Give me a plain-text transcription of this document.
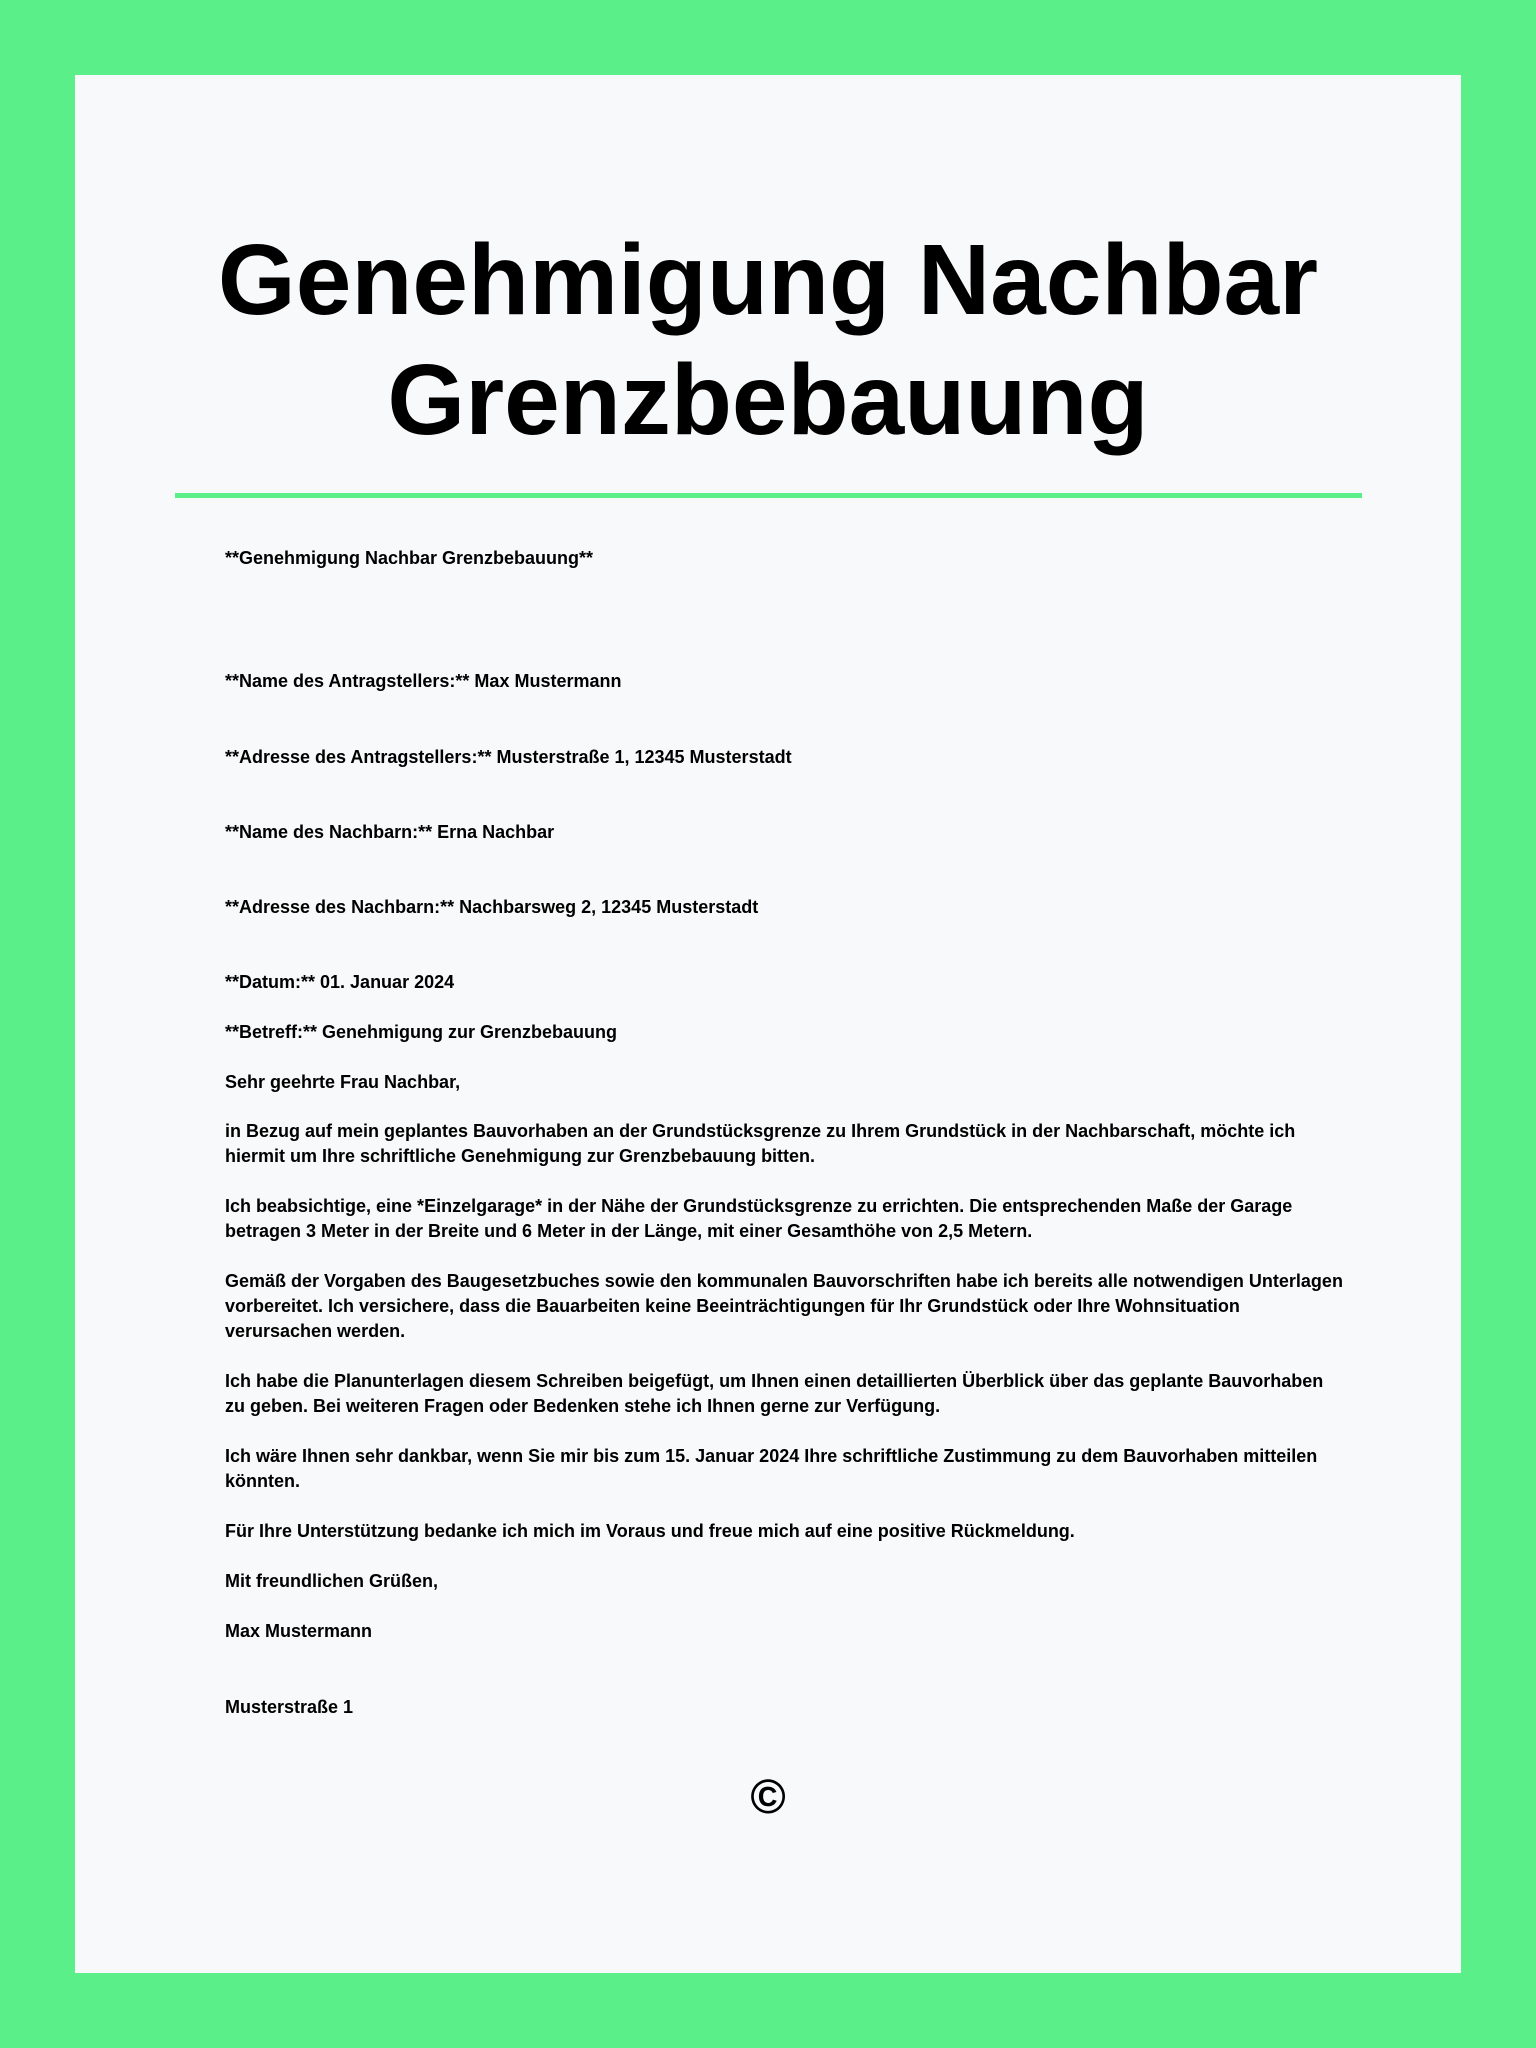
Genehmigung Nachbar
Grenzbebauung

**Genehmigung Nachbar Grenzbebauung**

**Name des Antragstellers:** Max Mustermann

**Adresse des Antragstellers:** Musterstraße 1, 12345 Musterstadt

**Name des Nachbarn:** Erna Nachbar

**Adresse des Nachbarn:** Nachbarsweg 2, 12345 Musterstadt

**Datum:** 01. Januar 2024

**Betreff:** Genehmigung zur Grenzbebauung

Sehr geehrte Frau Nachbar,

in Bezug auf mein geplantes Bauvorhaben an der Grundstücksgrenze zu Ihrem Grundstück in der Nachbarschaft, möchte ich hiermit um Ihre schriftliche Genehmigung zur Grenzbebauung bitten.

Ich beabsichtige, eine *Einzelgarage* in der Nähe der Grundstücksgrenze zu errichten. Die entsprechenden Maße der Garage betragen 3 Meter in der Breite und 6 Meter in der Länge, mit einer Gesamthöhe von 2,5 Metern.

Gemäß der Vorgaben des Baugesetzbuches sowie den kommunalen Bauvorschriften habe ich bereits alle notwendigen Unterlagen vorbereitet. Ich versichere, dass die Bauarbeiten keine Beeinträchtigungen für Ihr Grundstück oder Ihre Wohnsituation verursachen werden.

Ich habe die Planunterlagen diesem Schreiben beigefügt, um Ihnen einen detaillierten Überblick über das geplante Bauvorhaben zu geben. Bei weiteren Fragen oder Bedenken stehe ich Ihnen gerne zur Verfügung.

Ich wäre Ihnen sehr dankbar, wenn Sie mir bis zum 15. Januar 2024 Ihre schriftliche Zustimmung zu dem Bauvorhaben mitteilen könnten.

Für Ihre Unterstützung bedanke ich mich im Voraus und freue mich auf eine positive Rückmeldung.

Mit freundlichen Grüßen,

Max Mustermann

Musterstraße 1

©
